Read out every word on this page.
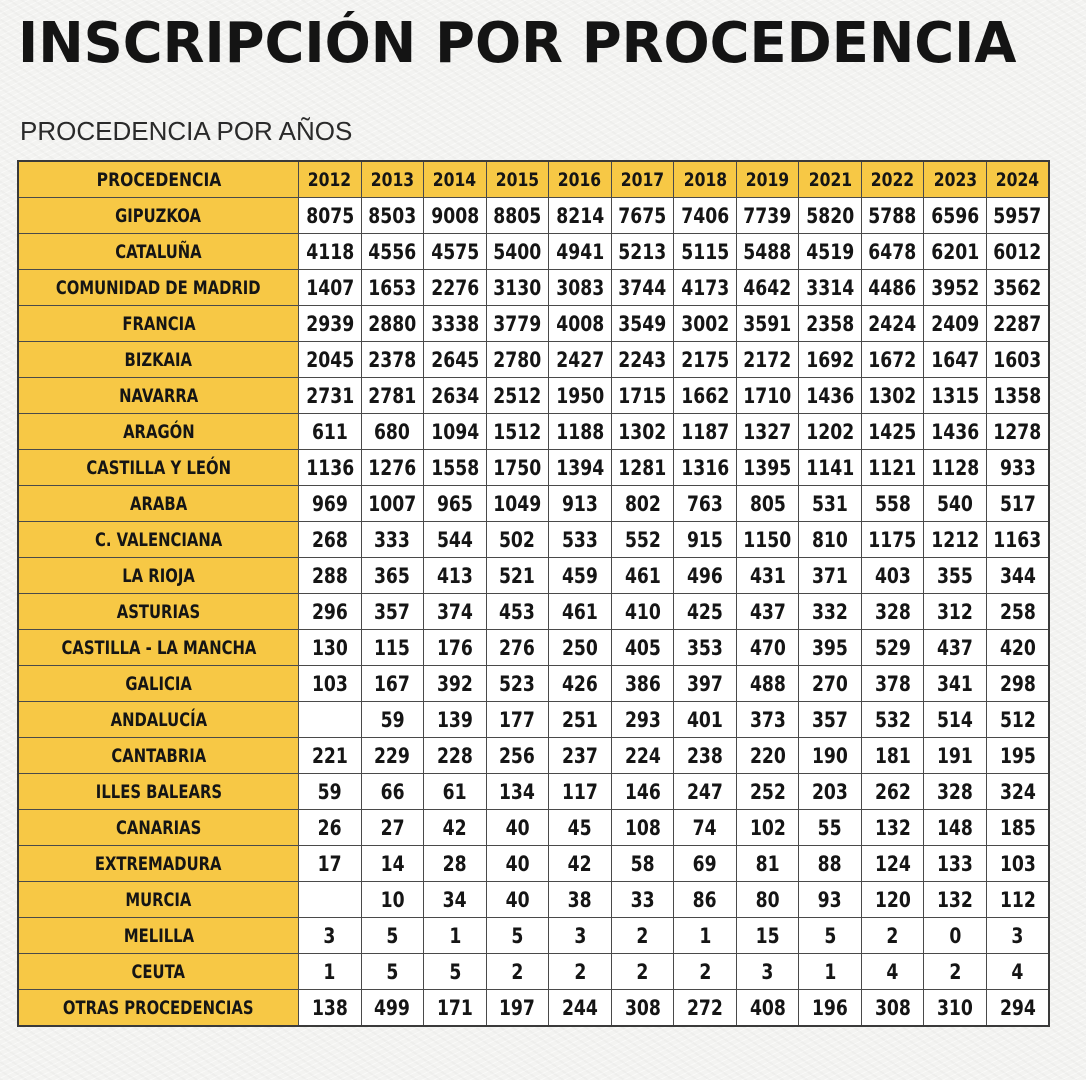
INSCRIPCIÓN POR PROCEDENCIA
PROCEDENCIA POR AÑOS
PROCEDENCIA	2012	2013	2014	2015	2016	2017	2018	2019	2021	2022	2023	2024
GIPUZKOA	8075	8503	9008	8805	8214	7675	7406	7739	5820	5788	6596	5957
CATALUÑA	4118	4556	4575	5400	4941	5213	5115	5488	4519	6478	6201	6012
COMUNIDAD DE MADRID	1407	1653	2276	3130	3083	3744	4173	4642	3314	4486	3952	3562
FRANCIA	2939	2880	3338	3779	4008	3549	3002	3591	2358	2424	2409	2287
BIZKAIA	2045	2378	2645	2780	2427	2243	2175	2172	1692	1672	1647	1603
NAVARRA	2731	2781	2634	2512	1950	1715	1662	1710	1436	1302	1315	1358
ARAGÓN	611	680	1094	1512	1188	1302	1187	1327	1202	1425	1436	1278
CASTILLA Y LEÓN	1136	1276	1558	1750	1394	1281	1316	1395	1141	1121	1128	933
ARABA	969	1007	965	1049	913	802	763	805	531	558	540	517
C. VALENCIANA	268	333	544	502	533	552	915	1150	810	1175	1212	1163
LA RIOJA	288	365	413	521	459	461	496	431	371	403	355	344
ASTURIAS	296	357	374	453	461	410	425	437	332	328	312	258
CASTILLA - LA MANCHA	130	115	176	276	250	405	353	470	395	529	437	420
GALICIA	103	167	392	523	426	386	397	488	270	378	341	298
ANDALUCÍA		59	139	177	251	293	401	373	357	532	514	512
CANTABRIA	221	229	228	256	237	224	238	220	190	181	191	195
ILLES BALEARS	59	66	61	134	117	146	247	252	203	262	328	324
CANARIAS	26	27	42	40	45	108	74	102	55	132	148	185
EXTREMADURA	17	14	28	40	42	58	69	81	88	124	133	103
MURCIA		10	34	40	38	33	86	80	93	120	132	112
MELILLA	3	5	1	5	3	2	1	15	5	2	0	3
CEUTA	1	5	5	2	2	2	2	3	1	4	2	4
OTRAS PROCEDENCIAS	138	499	171	197	244	308	272	408	196	308	310	294
